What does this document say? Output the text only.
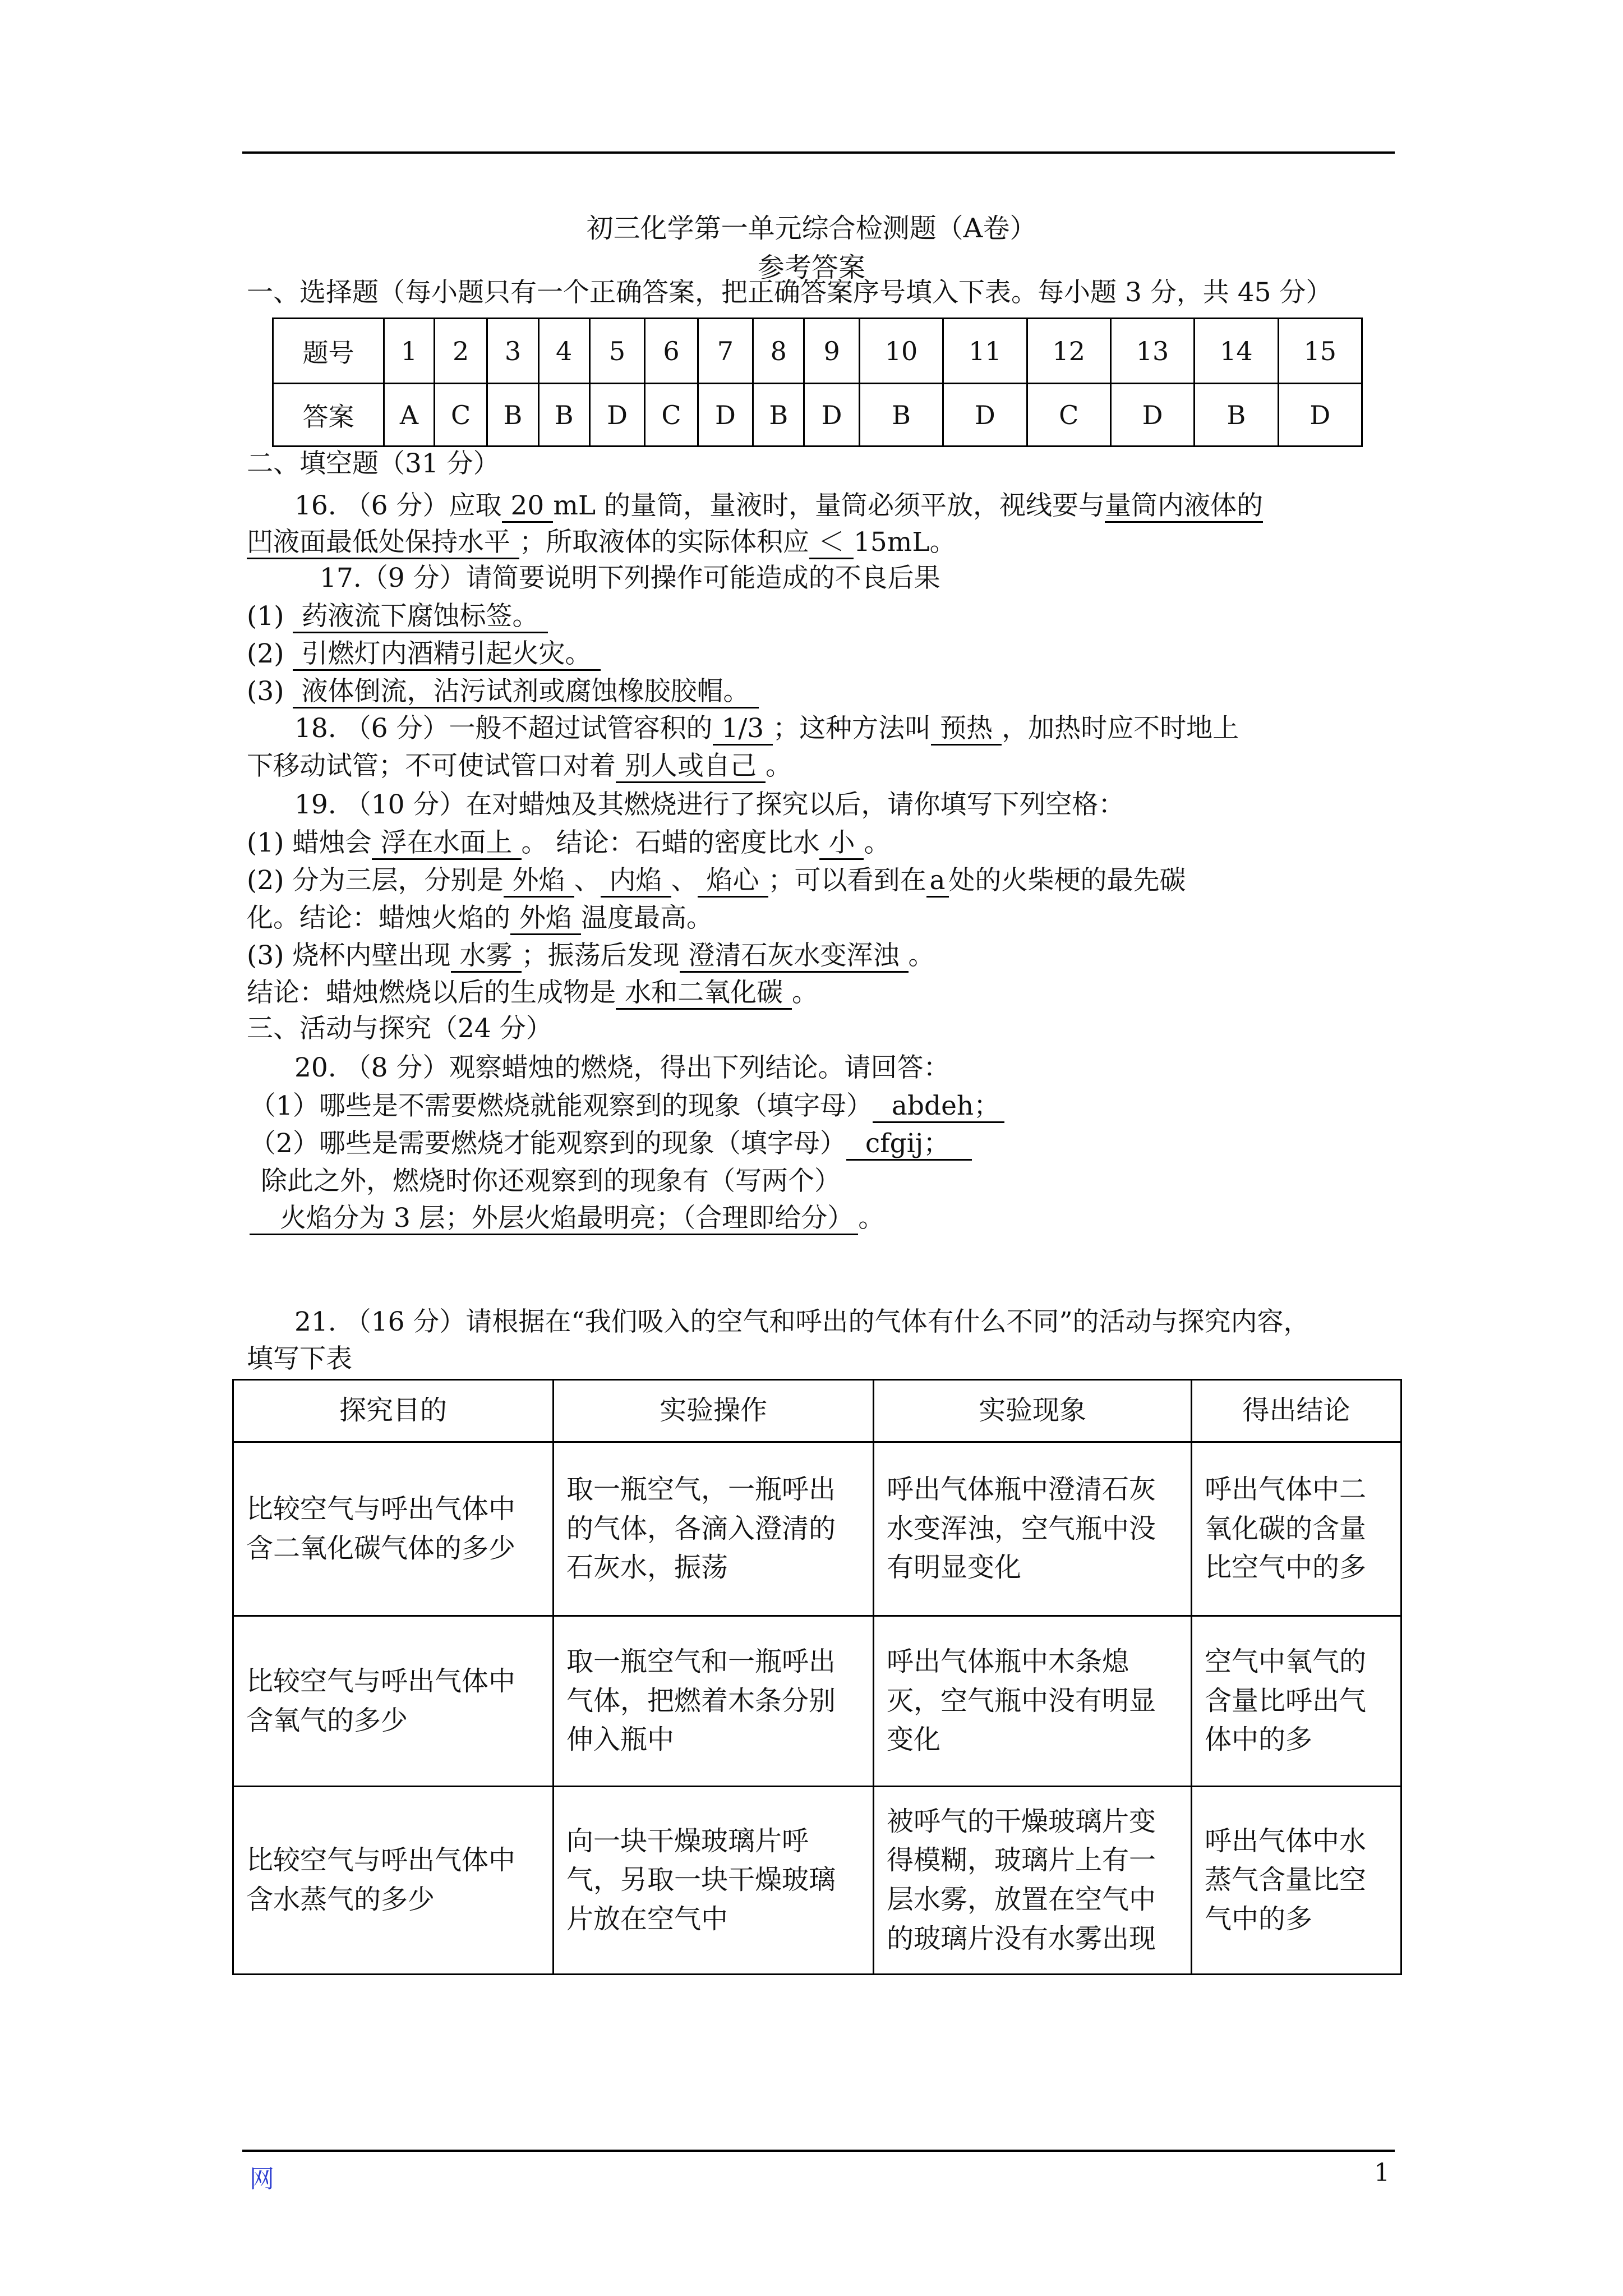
初三化学第一单元综合检测题（A卷）
参考答案
一、选择题（每小题只有一个正确答案，把正确答案序号填入下表。每小题 3 分，共 45 分）
题号	1	2	3	4	5	6	7	8	9	10	11	12	13	14	15
答案	A	C	B	B	D	C	D	B	D	B	D	C	D	B	D
二、填空题（31 分）
16. （6 分）应取 20 mL 的量筒，量液时，量筒必须平放，视线要与量筒内液体的
凹液面最低处保持水平 ；所取液体的实际体积应 ＜ 15mL。
17.（9 分）请简要说明下列操作可能造成的不良后果
(1) 药液流下腐蚀标签。
(2) 引燃灯内酒精引起火灾。
(3) 液体倒流，沾污试剂或腐蚀橡胶胶帽。
18. （6 分）一般不超过试管容积的 1/3 ；这种方法叫 预热 ，加热时应不时地上
下移动试管；不可使试管口对着 别人或自己 。
19. （10 分）在对蜡烛及其燃烧进行了探究以后，请你填写下列空格：
(1) 蜡烛会 浮在水面上 。 结论：石蜡的密度比水 小 。
(2) 分为三层，分别是 外焰 、 内焰 、 焰心 ；可以看到在 a 处的火柴梗的最先碳
化。结论：蜡烛火焰的 外焰 温度最高。
(3) 烧杯内壁出现 水雾 ；振荡后发现 澄清石灰水变浑浊 。
结论：蜡烛燃烧以后的生成物是 水和二氧化碳 。
三、活动与探究（24 分）
20. （8 分）观察蜡烛的燃烧，得出下列结论。请回答：
（1）哪些是不需要燃烧就能观察到的现象（填字母） abdeh；
（2）哪些是需要燃烧才能观察到的现象（填字母） cfgij；
除此之外，燃烧时你还观察到的现象有（写两个）
火焰分为 3 层；外层火焰最明亮；（合理即给分） 。
21. （16 分）请根据在“我们吸入的空气和呼出的气体有什么不同”的活动与探究内容，
填写下表
探究目的	实验操作	实验现象	得出结论
比较空气与呼出气体中含二氧化碳气体的多少	取一瓶空气，一瓶呼出的气体，各滴入澄清的石灰水，振荡	呼出气体瓶中澄清石灰水变浑浊，空气瓶中没有明显变化	呼出气体中二氧化碳的含量比空气中的多
比较空气与呼出气体中含氧气的多少	取一瓶空气和一瓶呼出气体，把燃着木条分别伸入瓶中	呼出气体瓶中木条熄灭，空气瓶中没有明显变化	空气中氧气的含量比呼出气体中的多
比较空气与呼出气体中含水蒸气的多少	向一块干燥玻璃片呼气，另取一块干燥玻璃片放在空气中	被呼气的干燥玻璃片变得模糊，玻璃片上有一层水雾，放置在空气中的玻璃片没有水雾出现	呼出气体中水蒸气含量比空气中的多
网	1
